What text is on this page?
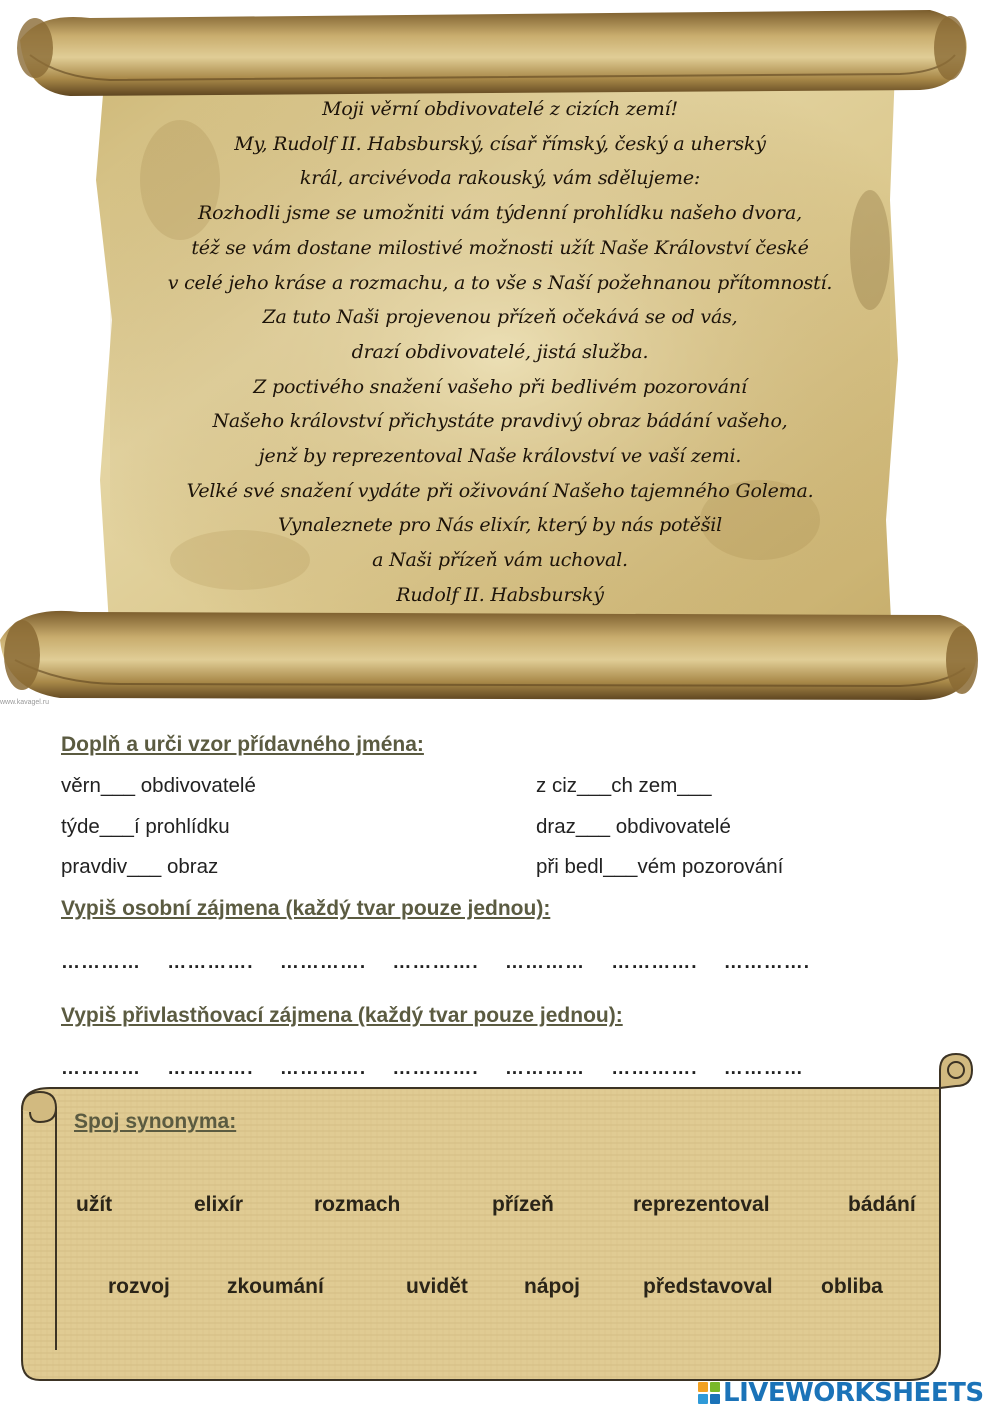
Moji věrní obdivovatelé z cizích zemí!
My, Rudolf II. Habsburský, císař římský, český a uherský
král, arcivévoda rakouský, vám sdělujeme:
Rozhodli jsme se umožniti vám týdenní prohlídku našeho dvora,
též se vám dostane milostivé možnosti užít Naše Království české
v celé jeho kráse a rozmachu, a to vše s Naší požehnanou přítomností.
Za tuto Naši projevenou přízeň očekává se od vás,
drazí obdivovatelé, jistá služba.
Z poctivého snažení vašeho při bedlivém pozorování
Našeho království přichystáte pravdivý obraz bádání vašeho,
jenž by reprezentoval Naše království ve vaší zemi.
Velké své snažení vydáte při oživování Našeho tajemného Golema.
Vynaleznete pro Nás elixír, který by nás potěšil
a Naši přízeň vám uchoval.
Rudolf II. Habsburský
www.kavagel.ru
Doplň a urči vzor přídavného jména:
věrn___ obdivovatelé	z ciz___ch zem___
týde___í prohlídku	draz___ obdivovatelé
pravdiv___ obraz	při bedl___vém pozorování
Vypiš osobní zájmena (každý tvar pouze jednou):
………… …………. …………. …………. ………… …………. ………….
Vypiš přivlastňovací zájmena (každý tvar pouze jednou):
………… …………. …………. …………. ………… …………. …………
Spoj synonyma:
užít	elixír	rozmach	přízeň	reprezentoval	bádání
rozvoj	zkoumání	uvidět	nápoj	představoval obliba
LIVEWORKSHEETS
